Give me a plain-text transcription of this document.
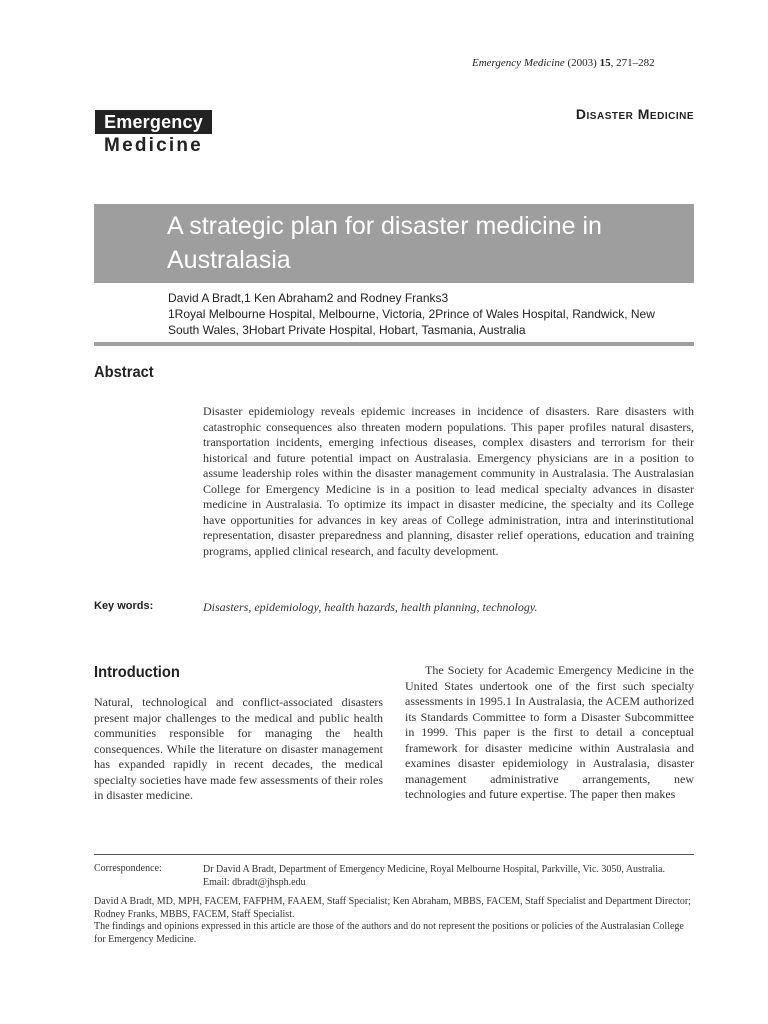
Emergency Medicine (2003) 15, 271–282
Disaster Medicine
Emergency
Medicine
A strategic plan for disaster medicine in Australasia
David A Bradt,1 Ken Abraham2 and Rodney Franks3
1Royal Melbourne Hospital, Melbourne, Victoria, 2Prince of Wales Hospital, Randwick, New South Wales, 3Hobart Private Hospital, Hobart, Tasmania, Australia
Abstract
Disaster epidemiology reveals epidemic increases in incidence of disasters. Rare disasters with catastrophic consequences also threaten modern populations. This paper profiles natural disasters, transportation incidents, emerging infectious diseases, complex disasters and terrorism for their historical and future potential impact on Australasia. Emergency physicians are in a position to assume leadership roles within the disaster management community in Australasia. The Australasian College for Emergency Medicine is in a position to lead medical specialty advances in disaster medicine in Australasia. To optimize its impact in disaster medicine, the specialty and its College have opportunities for advances in key areas of College administration, intra and interinstitutional representation, disaster preparedness and planning, disaster relief operations, education and training programs, applied clinical research, and faculty development.
Key words:	Disasters, epidemiology, health hazards, health planning, technology.
Introduction

Natural, technological and conflict-associated disasters present major challenges to the medical and public health communities responsible for managing the health consequences. While the literature on disaster management has expanded rapidly in recent decades, the medical specialty societies have made few assessments of their roles in disaster medicine.

The Society for Academic Emergency Medicine in the United States undertook one of the first such specialty assessments in 1995.1 In Australasia, the ACEM authorized its Standards Committee to form a Disaster Subcommittee in 1999. This paper is the first to detail a conceptual framework for disaster medicine within Australasia and examines disaster epidemiology in Australasia, disaster management administrative arrangements, new technologies and future expertise. The paper then makes

Correspondence:	Dr David A Bradt, Department of Emergency Medicine, Royal Melbourne Hospital, Parkville, Vic. 3050, Australia.
Email: dbradt@jhsph.edu

David A Bradt, MD, MPH, FACEM, FAFPHM, FAAEM, Staff Specialist; Ken Abraham, MBBS, FACEM, Staff Specialist and Department Director; Rodney Franks, MBBS, FACEM, Staff Specialist.

The findings and opinions expressed in this article are those of the authors and do not represent the positions or policies of the Australasian College for Emergency Medicine.
